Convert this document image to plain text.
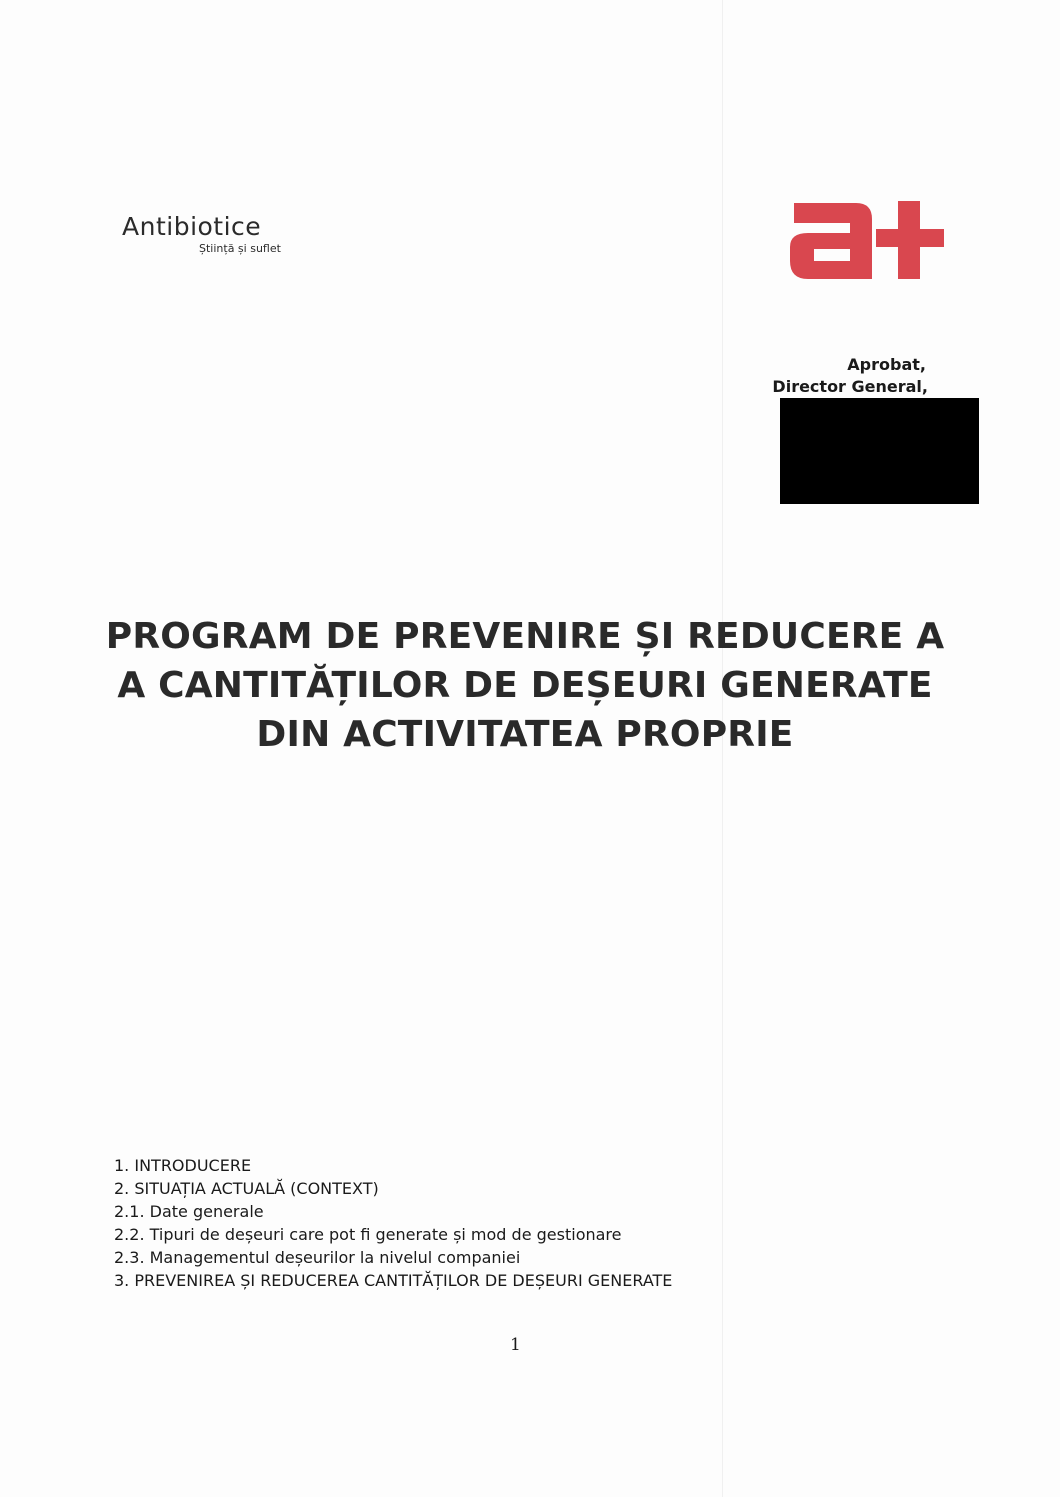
Antibiotice
Știință și suflet
Aprobat,
Director General,
PROGRAM DE PREVENIRE ȘI REDUCERE A
A CANTITĂȚILOR DE DEȘEURI GENERATE
DIN ACTIVITATEA PROPRIE
1. INTRODUCERE
2. SITUAȚIA ACTUALĂ (CONTEXT)
2.1. Date generale
2.2. Tipuri de deșeuri care pot fi generate și mod de gestionare
2.3. Managementul deșeurilor la nivelul companiei
3. PREVENIREA ȘI REDUCEREA CANTITĂȚILOR DE DEȘEURI GENERATE
1
